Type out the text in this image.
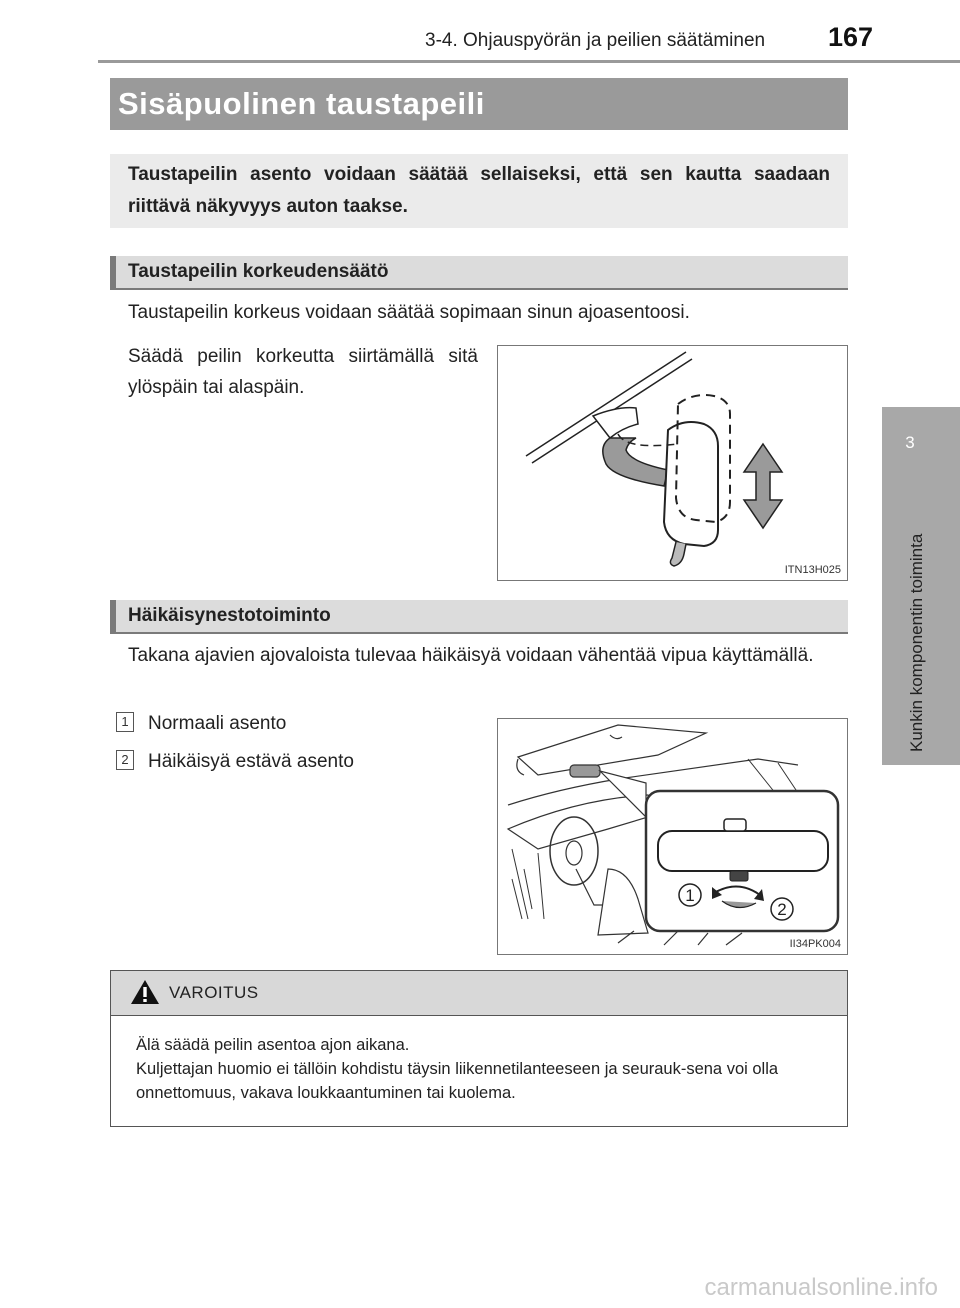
3-4. Ohjauspyörän ja peilien säätäminen 167
3
Kunkin komponentin toiminta
Sisäpuolinen taustapeili
Taustapeilin asento voidaan säätää sellaiseksi, että sen kautta saadaan riittävä näkyvyys auton taakse.
Taustapeilin korkeudensäätö
Taustapeilin korkeus voidaan säätää sopimaan sinun ajoasentoosi.
Säädä peilin korkeutta siirtämällä sitä ylöspäin tai alaspäin.
ITN13H025
Häikäisynestotoiminto
Takana ajavien ajovaloista tulevaa häikäisyä voidaan vähentää vipua käyttämällä.
1 Normaali asento
2 Häikäisyä estävä asento
1
2
II34PK004
VAROITUS
Älä säädä peilin asentoa ajon aikana.
Kuljettajan huomio ei tällöin kohdistu täysin liikennetilanteeseen ja seurauk-sena voi olla onnettomuus, vakava loukkaantuminen tai kuolema.
carmanualsonline.info
